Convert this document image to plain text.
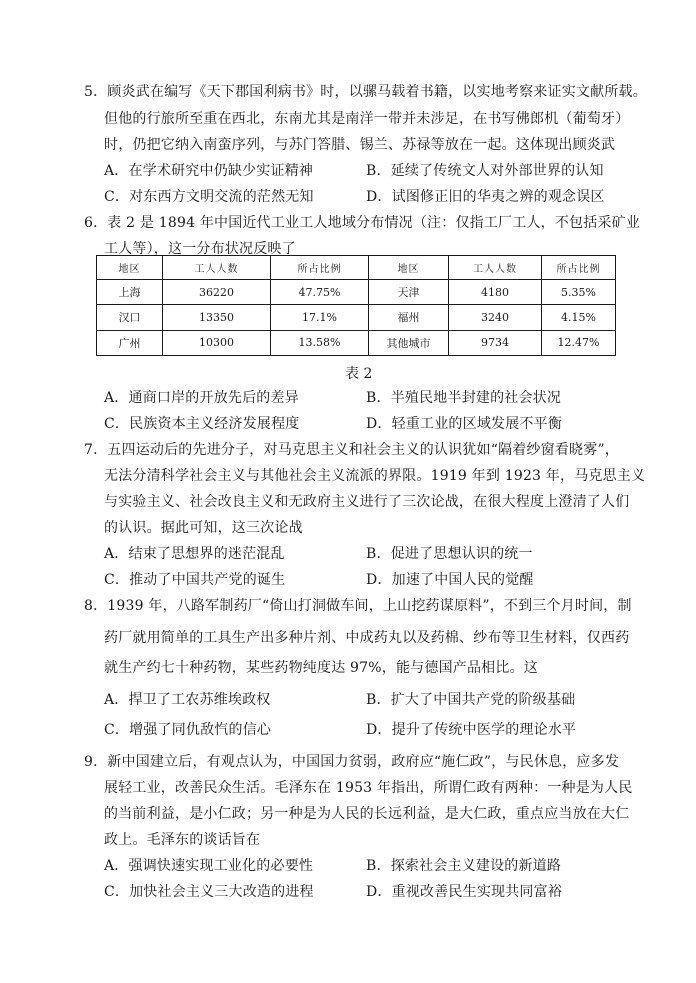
5．顾炎武在编写《天下郡国利病书》时，以骡马载着书籍，以实地考察来证实文献所载。
但他的行旅所至重在西北，东南尤其是南洋一带并未涉足，在书写佛郎机（葡萄牙）
时，仍把它纳入南蛮序列，与苏门答腊、锡兰、苏禄等放在一起。这体现出顾炎武
A．在学术研究中仍缺少实证精神	B．延续了传统文人对外部世界的认知
C．对东西方文明交流的茫然无知	D．试图修正旧的华夷之辨的观念误区
6．表 2 是 1894 年中国近代工业工人地域分布情况（注：仅指工厂工人，不包括采矿业
工人等），这一分布状况反映了
地区	工人人数	所占比例	地区	工人人数	所占比例
上海	36220	47.75%	天津	4180	5.35%
汉口	13350	17.1%	福州	3240	4.15%
广州	10300	13.58%	其他城市	9734	12.47%
表 2
A．通商口岸的开放先后的差异	B．半殖民地半封建的社会状况
C．民族资本主义经济发展程度	D．轻重工业的区域发展不平衡
7．五四运动后的先进分子，对马克思主义和社会主义的认识犹如“隔着纱窗看晓雾”，
无法分清科学社会主义与其他社会主义流派的界限。1919 年到 1923 年，马克思主义
与实验主义、社会改良主义和无政府主义进行了三次论战，在很大程度上澄清了人们
的认识。据此可知，这三次论战
A．结束了思想界的迷茫混乱	B．促进了思想认识的统一
C．推动了中国共产党的诞生	D．加速了中国人民的觉醒
8．1939 年，八路军制药厂“倚山打洞做车间，上山挖药谋原料”，不到三个月时间，制
药厂就用简单的工具生产出多种片剂、中成药丸以及药棉、纱布等卫生材料，仅西药
就生产约七十种药物，某些药物纯度达 97%，能与德国产品相比。这
A．捍卫了工农苏维埃政权	B．扩大了中国共产党的阶级基础
C．增强了同仇敌忾的信心	D．提升了传统中医学的理论水平
9．新中国建立后，有观点认为，中国国力贫弱，政府应“施仁政”，与民休息，应多发
展轻工业，改善民众生活。毛泽东在 1953 年指出，所谓仁政有两种：一种是为人民
的当前利益，是小仁政；另一种是为人民的长远利益，是大仁政，重点应当放在大仁
政上。毛泽东的谈话旨在
A．强调快速实现工业化的必要性	B．探索社会主义建设的新道路
C．加快社会主义三大改造的进程	D．重视改善民生实现共同富裕
